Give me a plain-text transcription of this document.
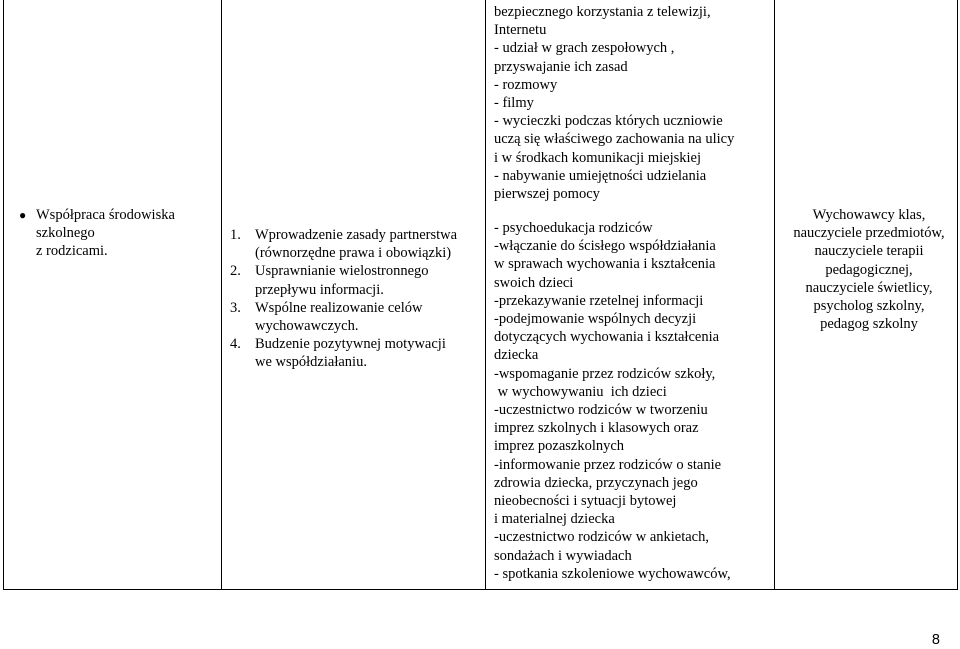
● Współpraca środowiska
szkolnego
z rodzicami.
1. Wprowadzenie zasady partnerstwa
(równorzędne prawa i obowiązki)
2. Usprawnianie wielostronnego
przepływu informacji.
3. Wspólne realizowanie celów
wychowawczych.
4. Budzenie pozytywnej motywacji
we współdziałaniu.
bezpiecznego korzystania z telewizji,
Internetu
- udział w grach zespołowych ,
przyswajanie ich zasad
- rozmowy
- filmy
- wycieczki podczas których uczniowie
uczą się właściwego zachowania na ulicy
i w środkach komunikacji miejskiej
- nabywanie umiejętności udzielania
pierwszej pomocy
- psychoedukacja rodziców
-włączanie do ścisłego współdziałania
w sprawach wychowania i kształcenia
swoich dzieci
-przekazywanie rzetelnej informacji
-podejmowanie wspólnych decyzji
dotyczących wychowania i kształcenia
dziecka
-wspomaganie przez rodziców szkoły,
w wychowywaniu  ich dzieci
-uczestnictwo rodziców w tworzeniu
imprez szkolnych i klasowych oraz
imprez pozaszkolnych
-informowanie przez rodziców o stanie
zdrowia dziecka, przyczynach jego
nieobecności i sytuacji bytowej
i materialnej dziecka
-uczestnictwo rodziców w ankietach,
sondażach i wywiadach
- spotkania szkoleniowe wychowawców,
Wychowawcy klas,
nauczyciele przedmiotów,
nauczyciele terapii
pedagogicznej,
nauczyciele świetlicy,
psycholog szkolny,
pedagog szkolny
8
